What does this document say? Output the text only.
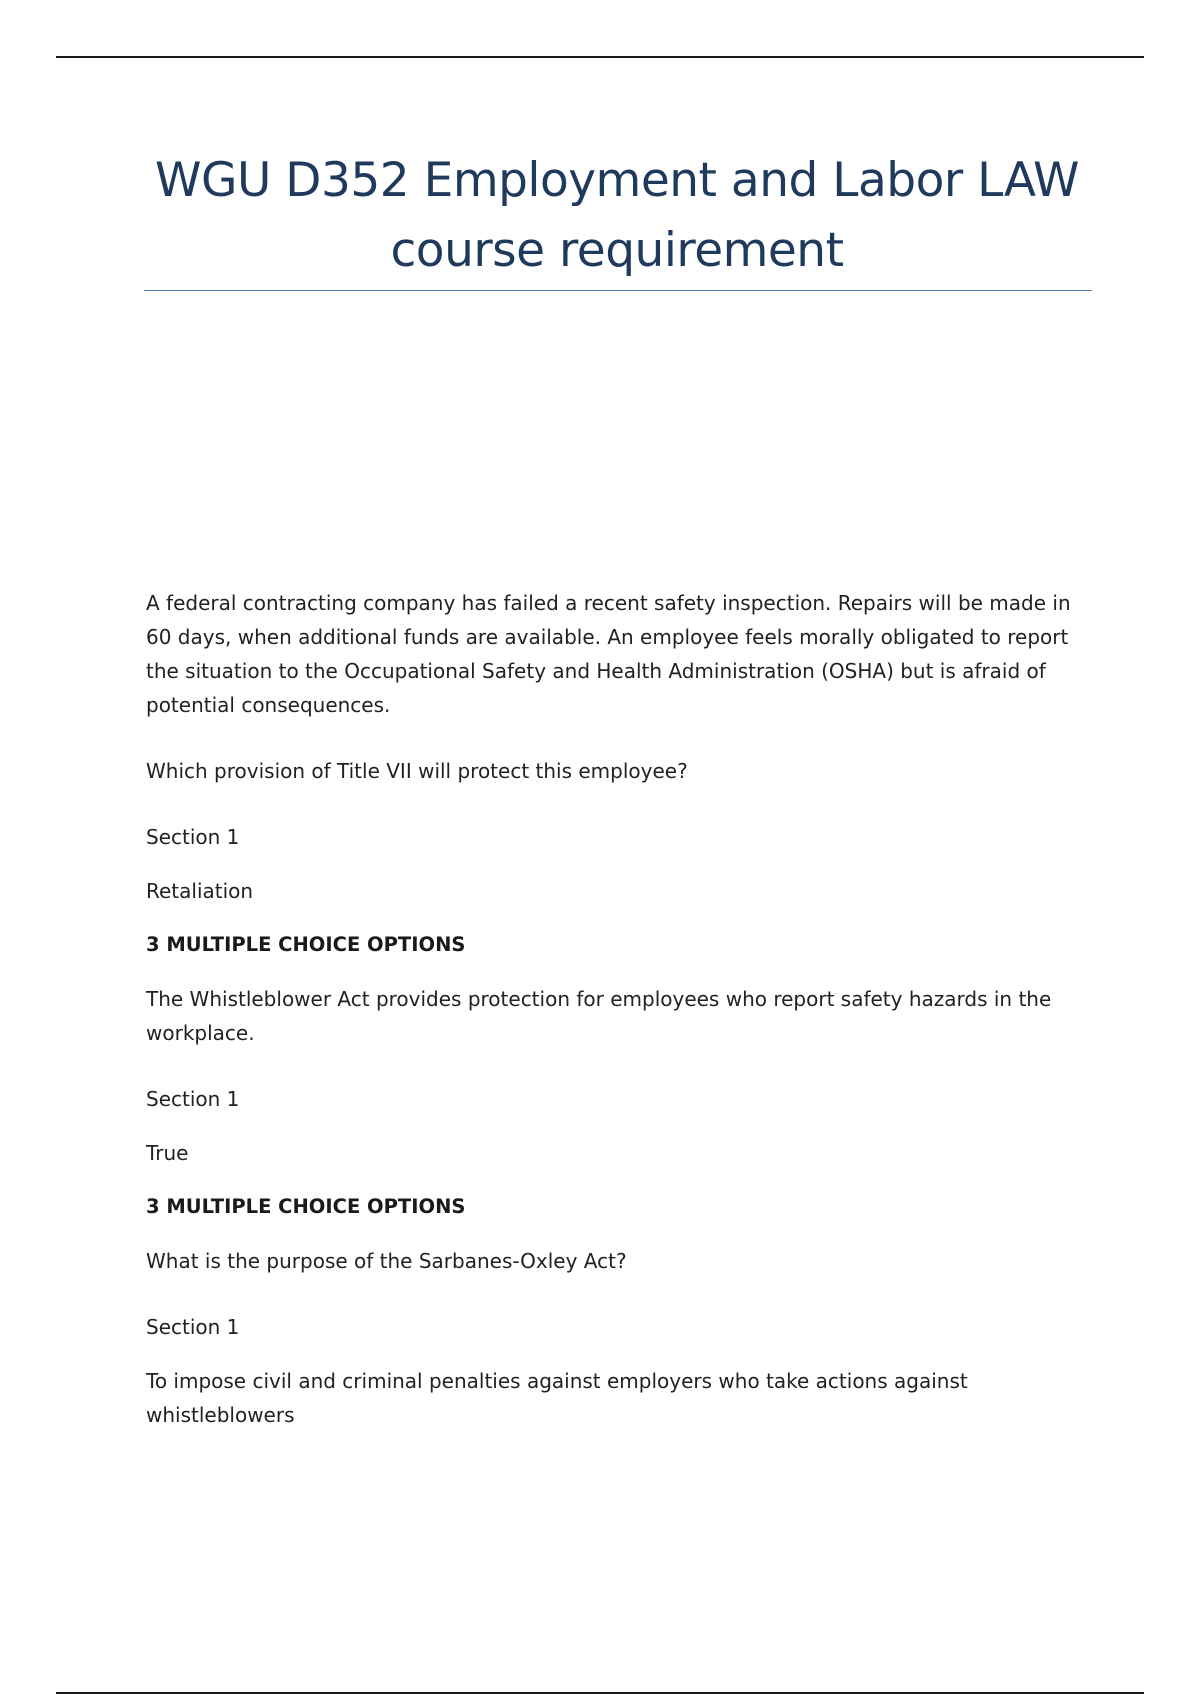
WGU D352 Employment and Labor LAW
course requirement

A federal contracting company has failed a recent safety inspection. Repairs will be made in 60 days, when additional funds are available. An employee feels morally obligated to report the situation to the Occupational Safety and Health Administration (OSHA) but is afraid of potential consequences.

Which provision of Title VII will protect this employee?

Section 1

Retaliation

3 MULTIPLE CHOICE OPTIONS

The Whistleblower Act provides protection for employees who report safety hazards in the workplace.

Section 1

True

3 MULTIPLE CHOICE OPTIONS

What is the purpose of the Sarbanes-Oxley Act?

Section 1

To impose civil and criminal penalties against employers who take actions against whistleblowers
